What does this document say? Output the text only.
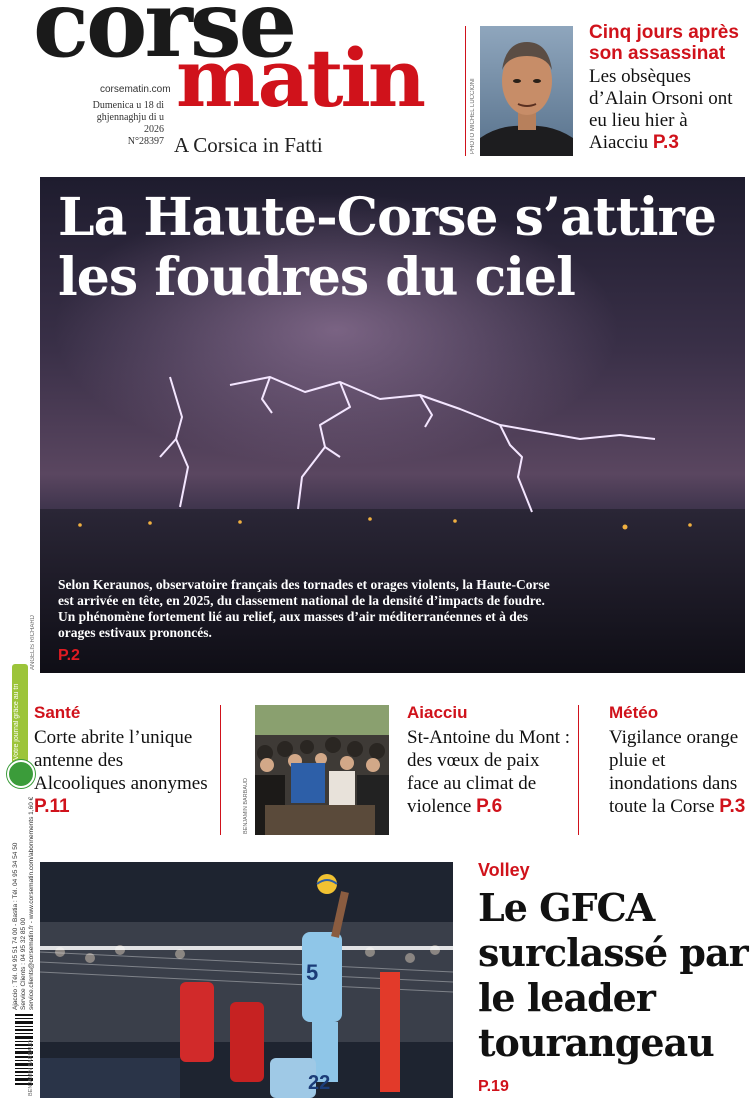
corse
matin
corsematin.com
Dumenica u 18 di ghjennaghju di u 2026
N°28397 A Corsica in Fatti	PHOTO MICHEL LUCCIONI
Cinq jours après son assassinat
Les obsèques d’Alain Orsoni ont eu lieu hier à Aiacciu P.3
La Haute-Corse s’attire les foudres du ciel
Selon Keraunos, observatoire français des tornades et orages violents, la Haute-Corse est arrivée en tête, en 2025, du classement national de la densité d’impacts de foudre. Un phénomène fortement lié au relief, aux masses d’air méditerranéennes et à des orages estivaux prononcés.
P.2
ANGELIS RICHARD
Votre journal grâce au tri
Ajaccio : Tél. 04 95 51 74 00 - Bastia : Tél. 04 95 34 54 50
Service Clients : 04 95 32 85 00
service.clients@corsematin.fr - www.corsematin.com/abonnements 1,60 €
Santé
Corte abrite l’unique antenne des Alcooliques anonymes
P.11	BENJAMIN BARBAUD
Aiacciu
St-Antoine du Mont : des vœux de paix face au climat de violence P.6
Météo
Vigilance orange pluie et inondations dans toute la Corse P.3
BENJAMIN BARBAUD
5
22
Volley
Le GFCA surclassé par le leader tourangeau
P.19
